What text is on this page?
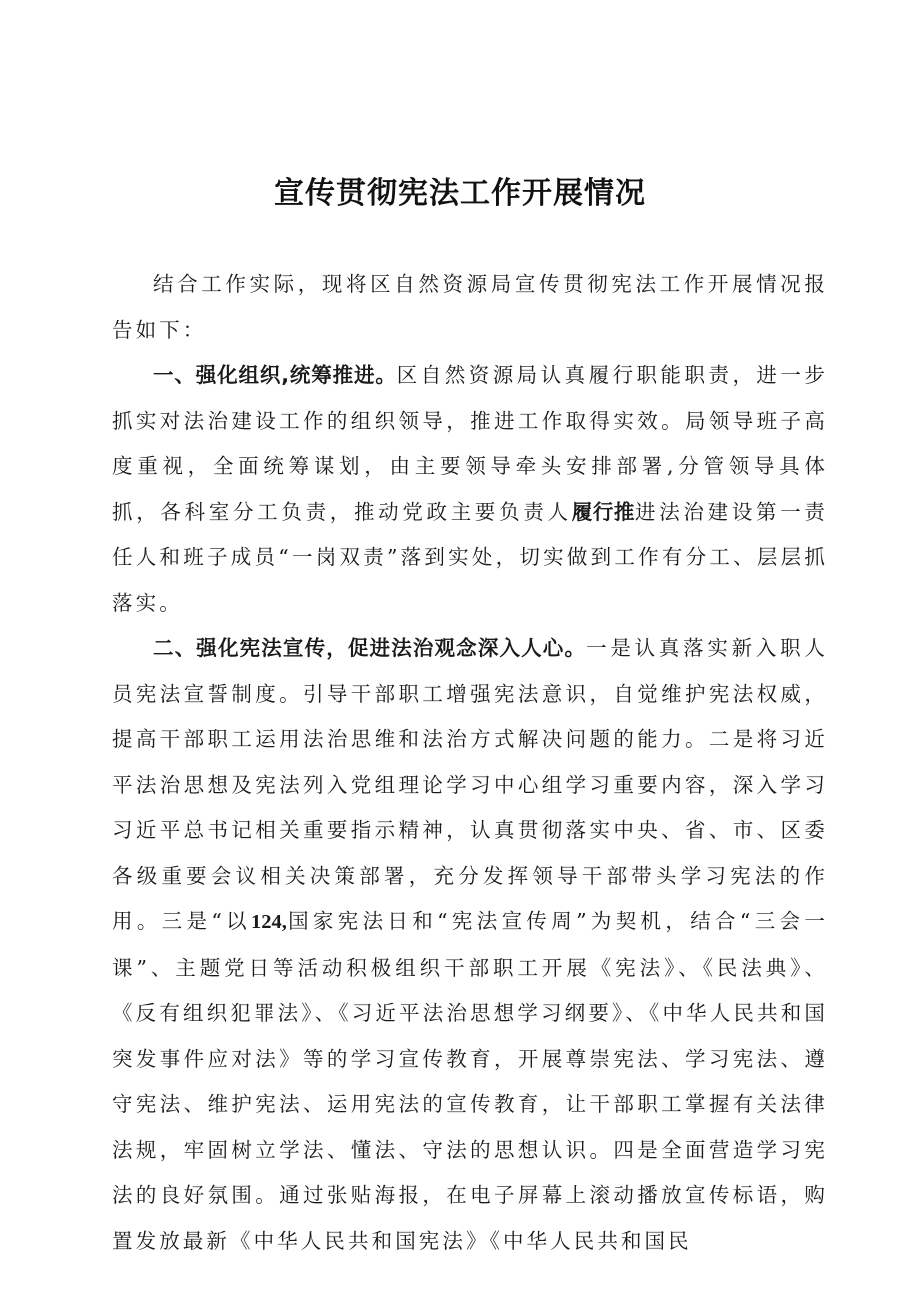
宣传贯彻宪法工作开展情况

结合工作实际，现将区自然资源局宣传贯彻宪法工作开展情况报告如下：

一、强化组织,统筹推进。区自然资源局认真履行职能职责，进一步抓实对法治建设工作的组织领导，推进工作取得实效。局领导班子高度重视，全面统筹谋划，由主要领导牵头安排部署,分管领导具体抓，各科室分工负责，推动党政主要负责人履行推进法治建设第一责任人和班子成员“一岗双责”落到实处，切实做到工作有分工、层层抓落实。

二、强化宪法宣传，促进法治观念深入人心。一是认真落实新入职人员宪法宣誓制度。引导干部职工增强宪法意识，自觉维护宪法权威，提高干部职工运用法治思维和法治方式解决问题的能力。二是将习近平法治思想及宪法列入党组理论学习中心组学习重要内容，深入学习习近平总书记相关重要指示精神，认真贯彻落实中央、省、市、区委各级重要会议相关决策部署，充分发挥领导干部带头学习宪法的作用。三是“以124,国家宪法日和“宪法宣传周”为契机，结合“三会一课”、主题党日等活动积极组织干部职工开展《宪法》、《民法典》、《反有组织犯罪法》、《习近平法治思想学习纲要》、《中华人民共和国突发事件应对法》等的学习宣传教育，开展尊崇宪法、学习宪法、遵守宪法、维护宪法、运用宪法的宣传教育，让干部职工掌握有关法律法规，牢固树立学法、懂法、守法的思想认识。四是全面营造学习宪法的良好氛围。通过张贴海报，在电子屏幕上滚动播放宣传标语，购置发放最新《中华人民共和国宪法》《中华人民共和国民
